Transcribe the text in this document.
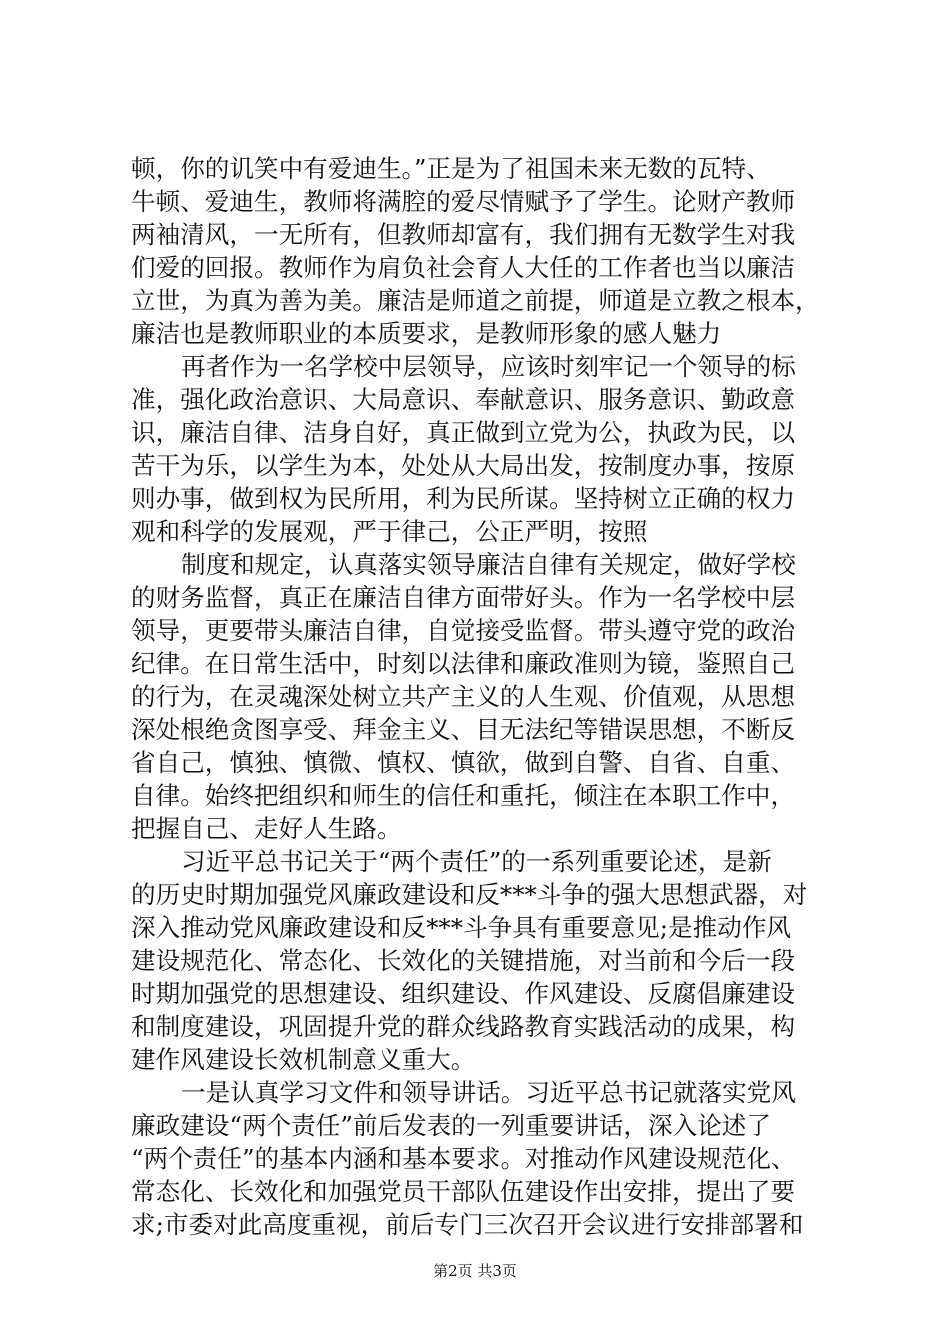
顿，你的讥笑中有爱迪生。”正是为了祖国未来无数的瓦特、
牛顿、爱迪生，教师将满腔的爱尽情赋予了学生。论财产教师
两袖清风，一无所有，但教师却富有，我们拥有无数学生对我
们爱的回报。教师作为肩负社会育人大任的工作者也当以廉洁
立世，为真为善为美。廉洁是师道之前提，师道是立教之根本，
廉洁也是教师职业的本质要求，是教师形象的感人魅力
再者作为一名学校中层领导，应该时刻牢记一个领导的标
准，强化政治意识、大局意识、奉献意识、服务意识、勤政意
识，廉洁自律、洁身自好，真正做到立党为公，执政为民，以
苦干为乐，以学生为本，处处从大局出发，按制度办事，按原
则办事，做到权为民所用，利为民所谋。坚持树立正确的权力
观和科学的发展观，严于律己，公正严明，按照
制度和规定，认真落实领导廉洁自律有关规定，做好学校
的财务监督，真正在廉洁自律方面带好头。作为一名学校中层
领导，更要带头廉洁自律，自觉接受监督。带头遵守党的政治
纪律。在日常生活中，时刻以法律和廉政准则为镜，鉴照自己
的行为，在灵魂深处树立共产主义的人生观、价值观，从思想
深处根绝贪图享受、拜金主义、目无法纪等错误思想，不断反
省自己，慎独、慎微、慎权、慎欲，做到自警、自省、自重、
自律。始终把组织和师生的信任和重托，倾注在本职工作中，
把握自己、走好人生路。
习近平总书记关于“两个责任”的一系列重要论述，是新
的历史时期加强党风廉政建设和反***斗争的强大思想武器，对
深入推动党风廉政建设和反***斗争具有重要意见;是推动作风
建设规范化、常态化、长效化的关键措施，对当前和今后一段
时期加强党的思想建设、组织建设、作风建设、反腐倡廉建设
和制度建设，巩固提升党的群众线路教育实践活动的成果，构
建作风建设长效机制意义重大。
一是认真学习文件和领导讲话。习近平总书记就落实党风
廉政建设“两个责任”前后发表的一列重要讲话，深入论述了
“两个责任”的基本内涵和基本要求。对推动作风建设规范化、
常态化、长效化和加强党员干部队伍建设作出安排，提出了要
求;市委对此高度重视，前后专门三次召开会议进行安排部署和
第2页 共3页
